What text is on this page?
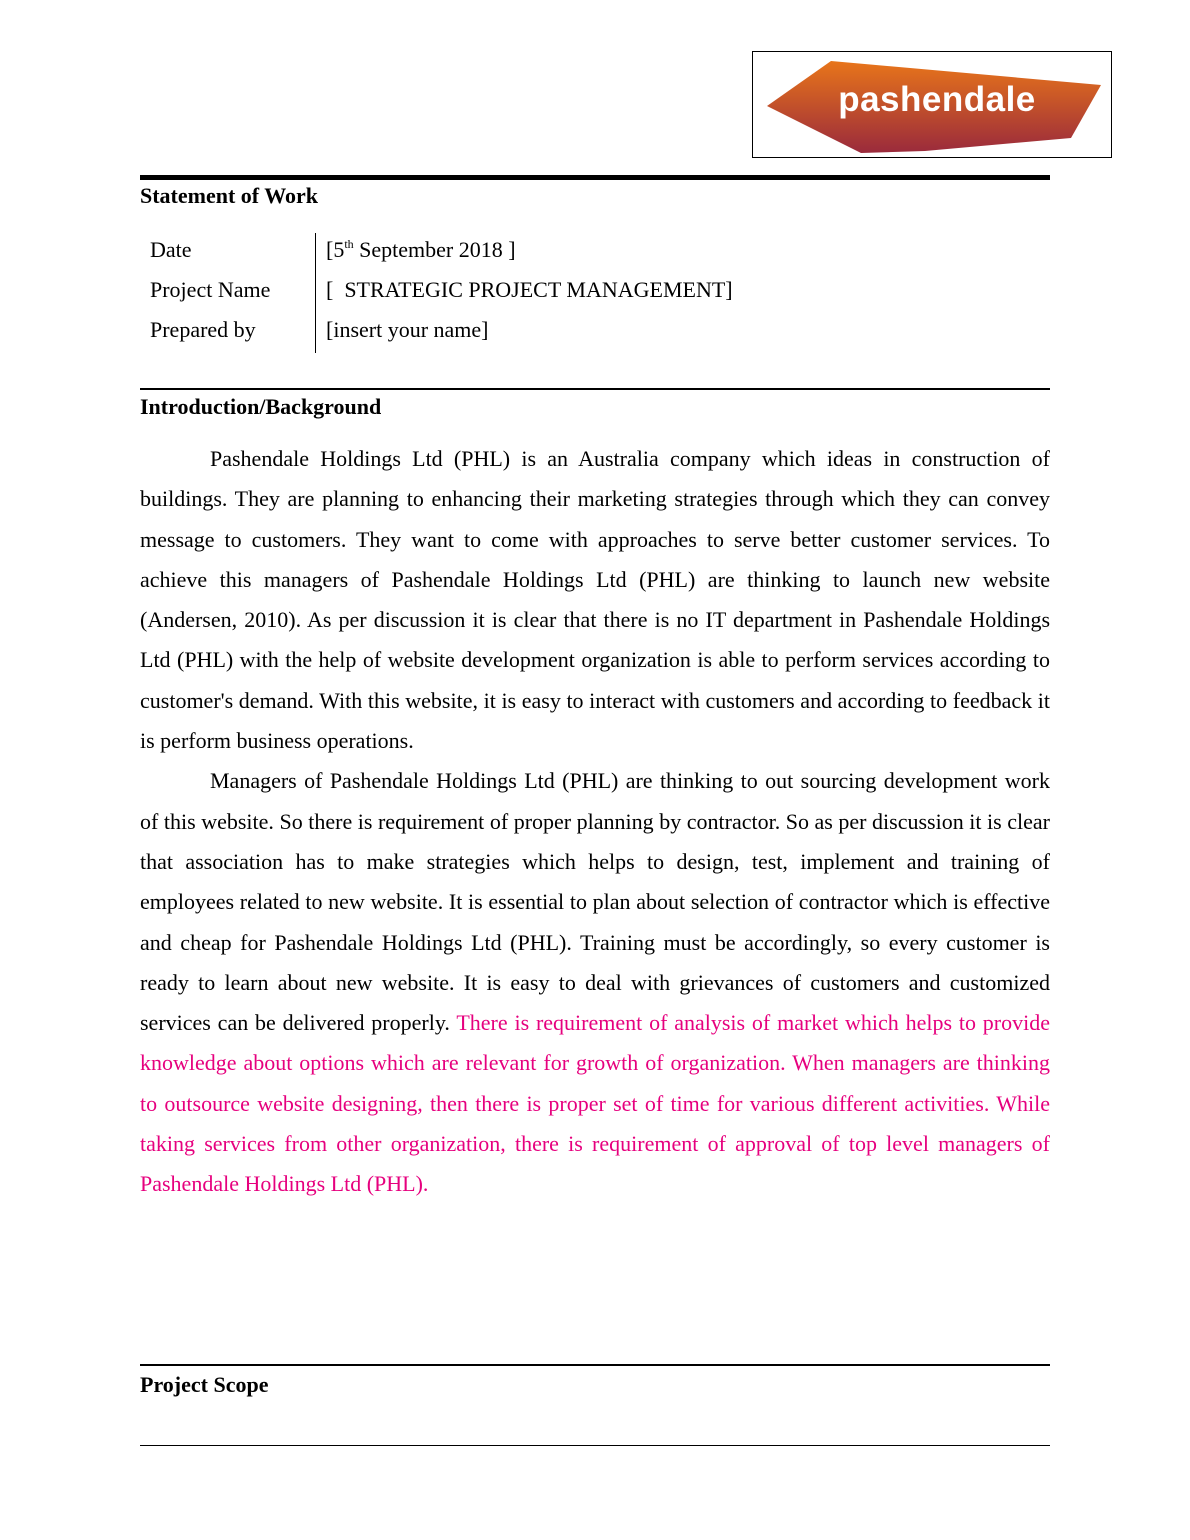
pashendale
Statement of Work
Date	[5th September 2018 ]
Project Name	[  STRATEGIC PROJECT MANAGEMENT]
Prepared by	[insert your name]
Introduction/Background

Pashendale Holdings Ltd (PHL) is an Australia company which ideas in construction of buildings. They are planning to enhancing their marketing strategies through which they can convey message to customers. They want to come with approaches to serve better customer services. To achieve this managers of Pashendale Holdings Ltd (PHL) are thinking to launch new website (Andersen, 2010). As per discussion it is clear that there is no IT department in Pashendale Holdings Ltd (PHL) with the help of website development organization is able to perform services according to customer's demand. With this website, it is easy to interact with customers and according to feedback it is perform business operations.

Managers of Pashendale Holdings Ltd (PHL) are thinking to out sourcing development work of this website. So there is requirement of proper planning by contractor. So as per discussion it is clear that association has to make strategies which helps to design, test, implement and training of employees related to new website. It is essential to plan about selection of contractor which is effective and cheap for Pashendale Holdings Ltd (PHL). Training must be accordingly, so every customer is ready to learn about new website. It is easy to deal with grievances of customers and customized services can be delivered properly. There is requirement of analysis of market which helps to provide knowledge about options which are relevant for growth of organization. When managers are thinking to outsource website designing, then there is proper set of time for various different activities. While taking services from other organization, there is requirement of approval of top level managers of Pashendale Holdings Ltd (PHL).

Project Scope
